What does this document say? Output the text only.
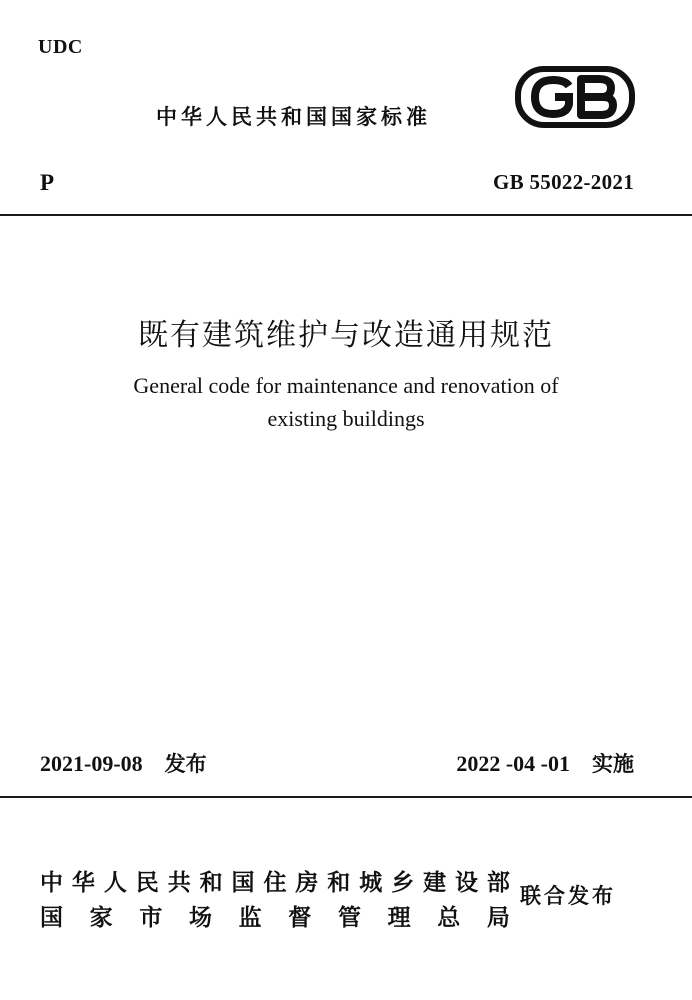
UDC
中华人民共和国国家标准
P	GB 55022-2021
既有建筑维护与改造通用规范
General code for maintenance and renovation of
existing buildings
2021-09-08 发布	2022 -04 -01 实施
中 华 人 民 共 和 国 住 房 和 城 乡 建 设 部
国 家 市 场 监 督 管 理 总 局
联合发布
